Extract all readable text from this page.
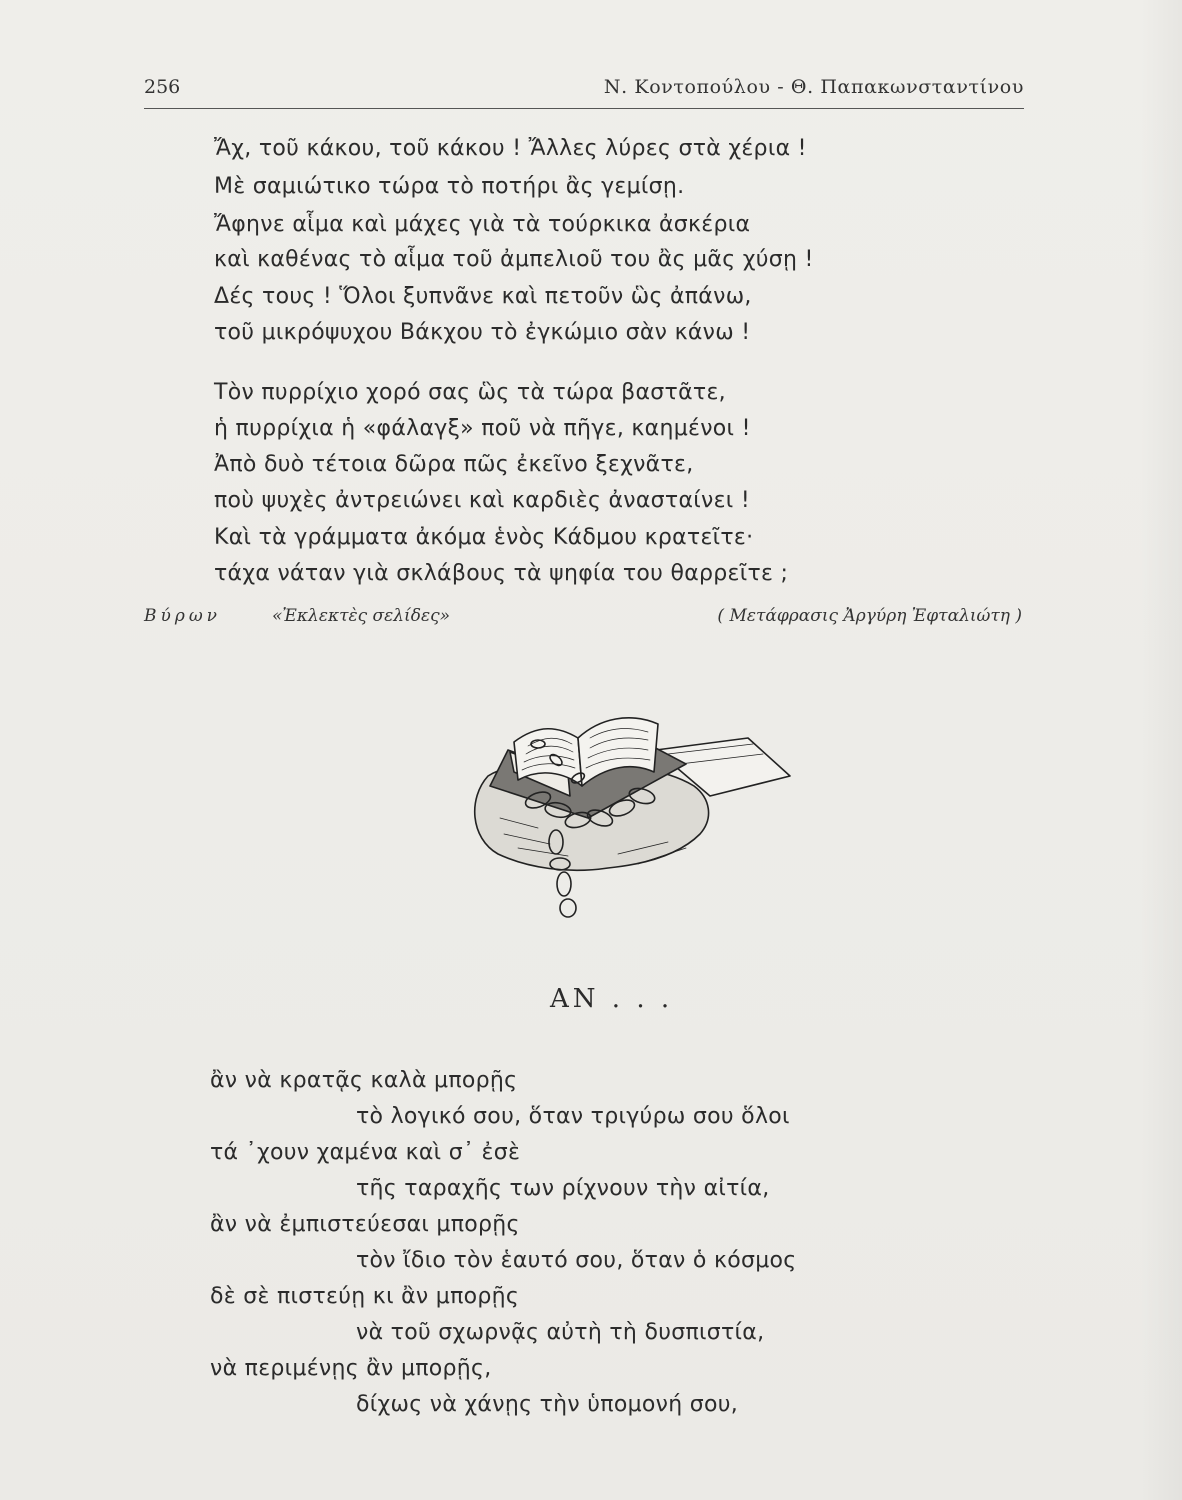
256	Ν. Κοντοπούλου - Θ. Παπακωνσταντίνου
Ἄχ, τοῦ κάκου, τοῦ κάκου ! Ἄλλες λύρες στὰ χέρια !
Μὲ σαμιώτικο τώρα τὸ ποτήρι ἂς γεμίσῃ.
Ἄφηνε αἷμα καὶ μάχες γιὰ τὰ τούρκικα ἀσκέρια
καὶ καθένας τὸ αἷμα τοῦ ἀμπελιοῦ του ἂς μᾶς χύσῃ !
Δές τους ! Ὅλοι ξυπνᾶνε καὶ πετοῦν ὣς ἀπάνω,
τοῦ μικρόψυχου Βάκχου τὸ ἐγκώμιο σὰν κάνω !
Τὸν πυρρίχιο χορό σας ὣς τὰ τώρα βαστᾶτε,
ἡ πυρρίχια ἡ «φάλαγξ» ποῦ νὰ πῆγε, καημένοι !
Ἀπὸ δυὸ τέτοια δῶρα πῶς ἐκεῖνο ξεχνᾶτε,
ποὺ ψυχὲς ἀντρειώνει καὶ καρδιὲς ἀνασταίνει !
Καὶ τὰ γράμματα ἀκόμα ἑνὸς Κάδμου κρατεῖτε·
τάχα νάταν γιὰ σκλάβους τὰ ψηφία του θαρρεῖτε ;
Βύρων	«Ἐκλεκτὲς σελίδες»	( Μετάφρασις Ἀργύρη Ἐφταλιώτη )
ΑΝ . . .
ἂν νὰ κρατᾷς καλὰ μπορῇς
τὸ λογικό σου, ὅταν τριγύρω σου ὅλοι
τά ᾽χουν χαμένα καὶ σ᾽ ἐσὲ
τῆς ταραχῆς των ρίχνουν τὴν αἰτία,
ἂν νὰ ἐμπιστεύεσαι μπορῇς
τὸν ἴδιο τὸν ἑαυτό σου, ὅταν ὁ κόσμος
δὲ σὲ πιστεύῃ κι ἂν μπορῇς
νὰ τοῦ σχωρνᾷς αὐτὴ τὴ δυσπιστία,
νὰ περιμένῃς ἂν μπορῇς,
δίχως νὰ χάνῃς τὴν ὑπομονή σου,
